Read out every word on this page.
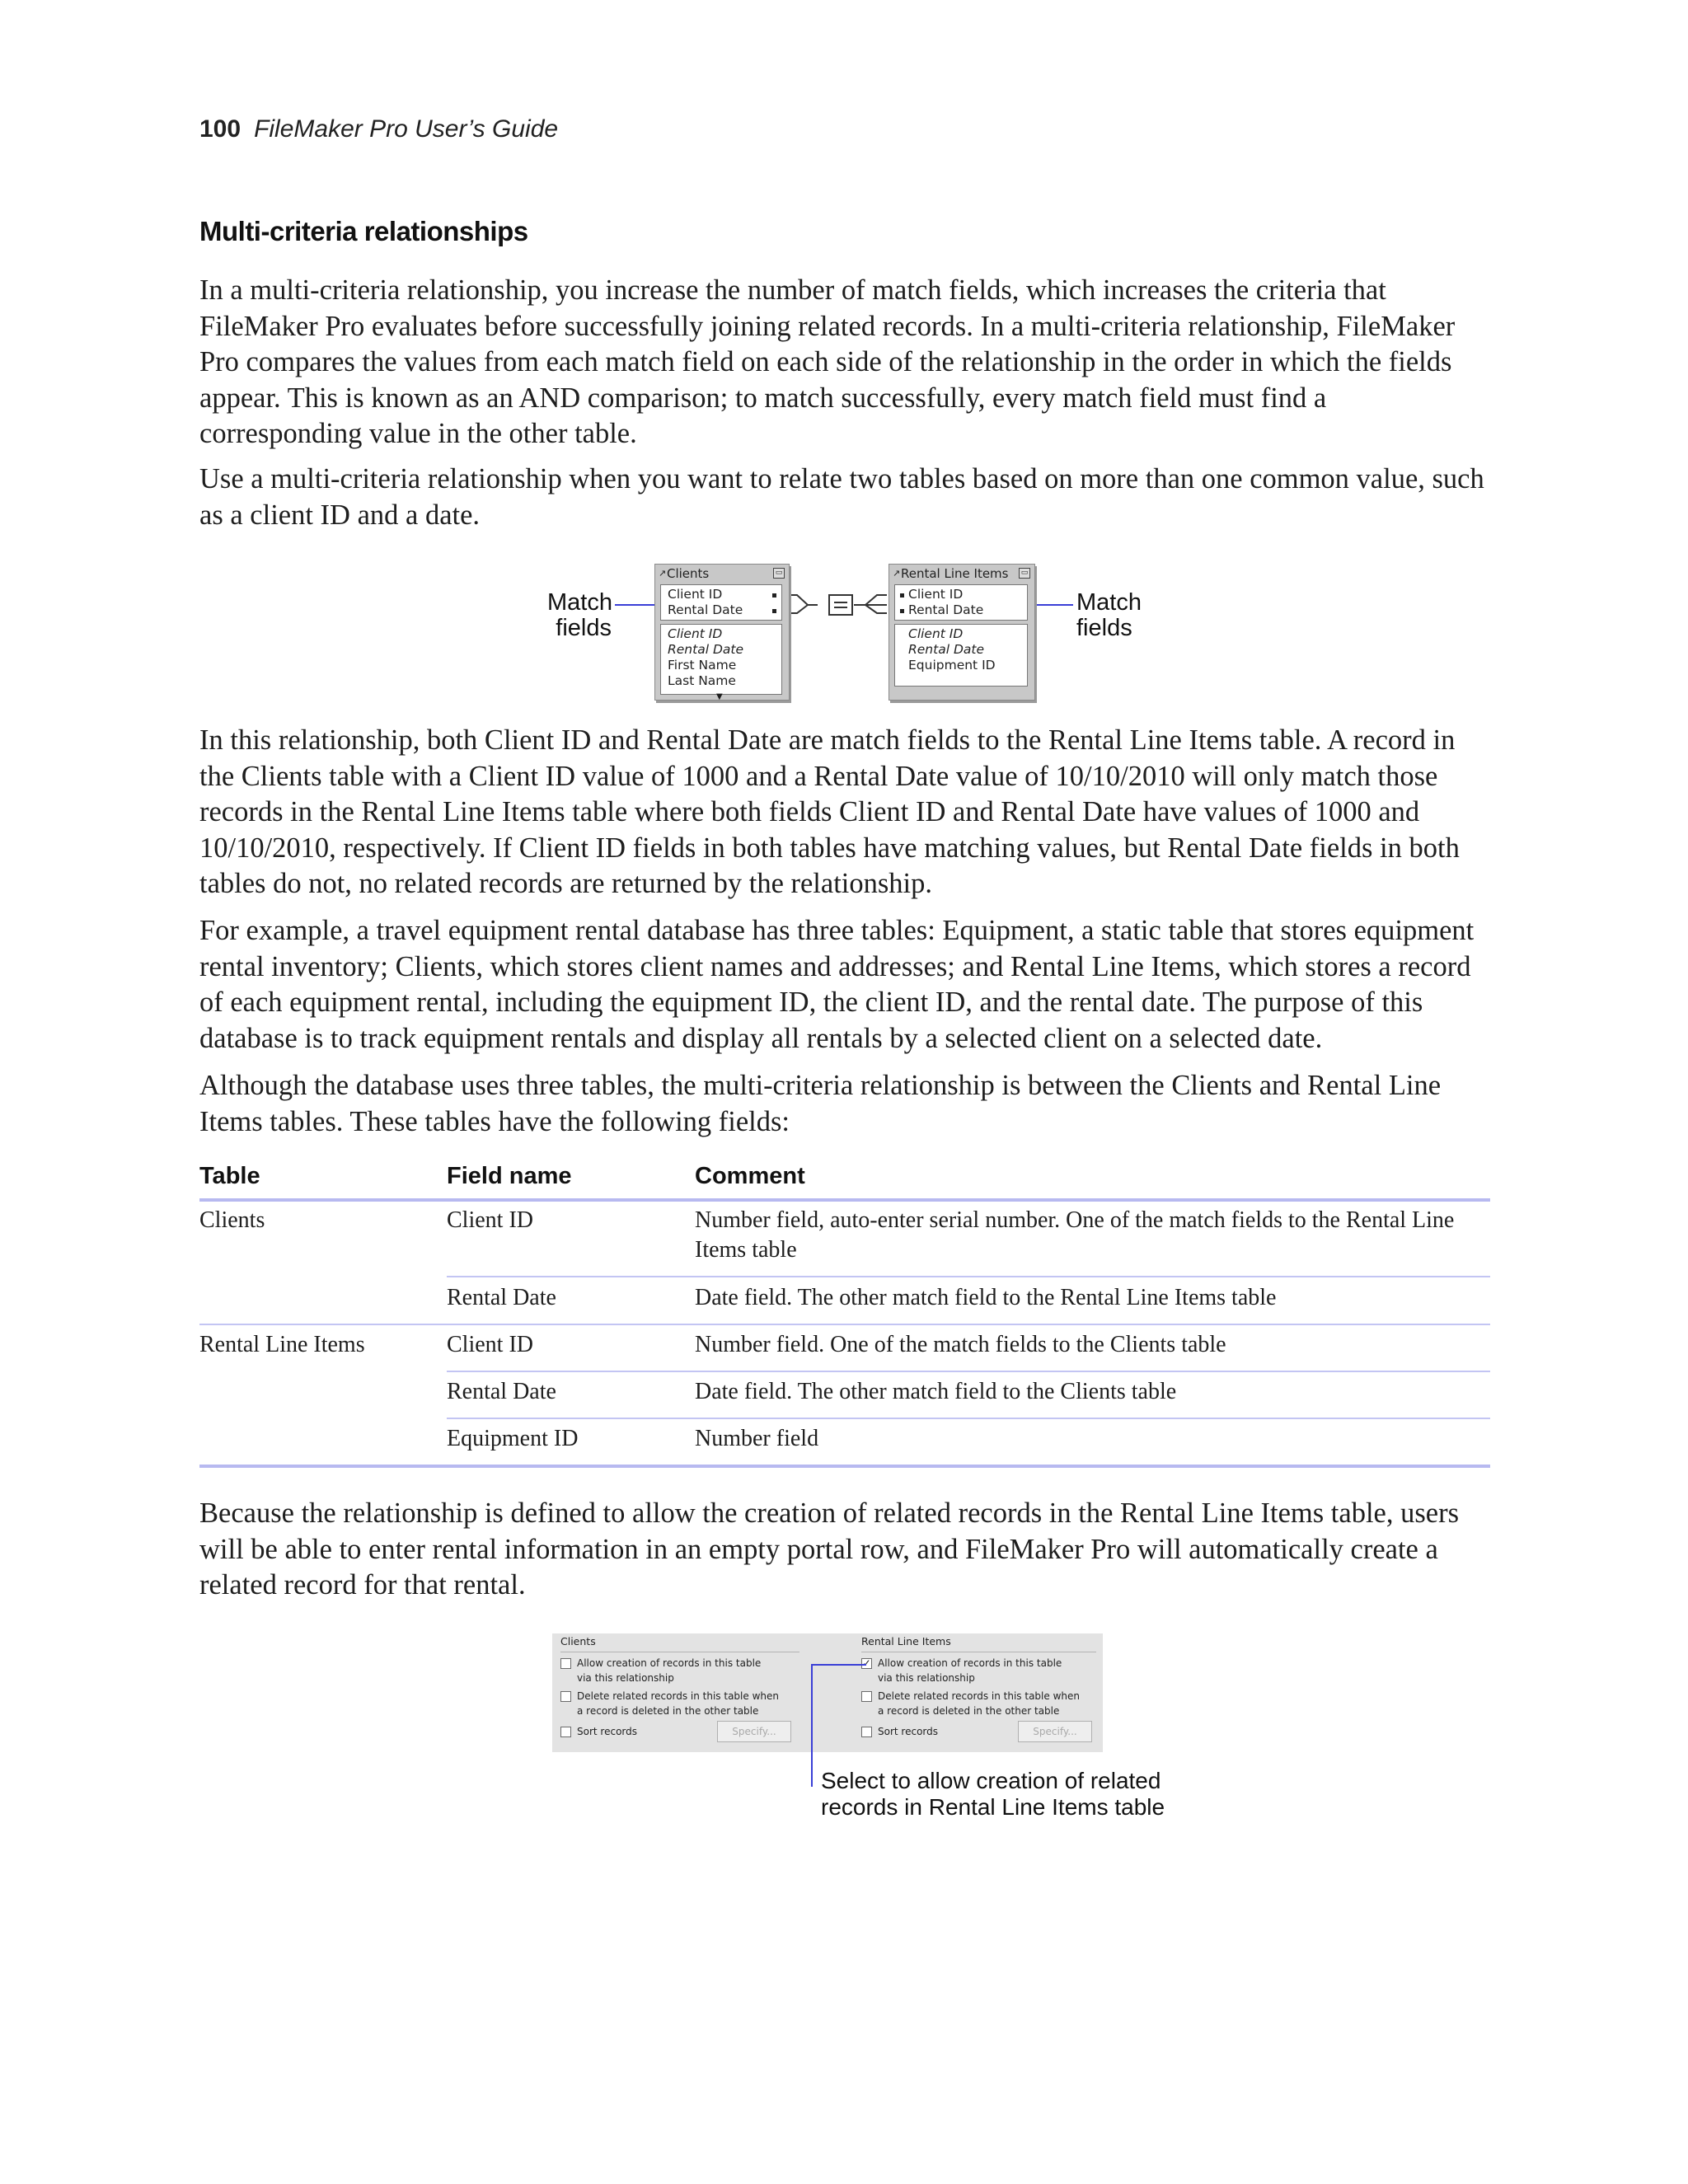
100 FileMaker Pro User’s Guide
Multi-criteria relationships

In a multi-criteria relationship, you increase the number of match fields, which increases the criteria that FileMaker Pro evaluates before successfully joining related records. In a multi-criteria relationship, FileMaker Pro compares the values from each match field on each side of the relationship in the order in which the fields appear. This is known as an AND comparison; to match successfully, every match field must find a corresponding value in the other table.

Use a multi-criteria relationship when you want to relate two tables based on more than one common value, such as a client ID and a date.

Match
fields
Match
fields
↗ Clients	▭
Client ID
Rental Date
Client ID
Rental Date
First Name
Last Name
▼
↗ Rental Line Items	▭
Client ID
Rental Date
Client ID
Rental Date
Equipment ID

In this relationship, both Client ID and Rental Date are match fields to the Rental Line Items table. A record in the Clients table with a Client ID value of 1000 and a Rental Date value of 10/10/2010 will only match those records in the Rental Line Items table where both fields Client ID and Rental Date have values of 1000 and 10/10/2010, respectively. If Client ID fields in both tables have matching values, but Rental Date fields in both tables do not, no related records are returned by the relationship.

For example, a travel equipment rental database has three tables: Equipment, a static table that stores equipment rental inventory; Clients, which stores client names and addresses; and Rental Line Items, which stores a record of each equipment rental, including the equipment ID, the client ID, and the rental date. The purpose of this database is to track equipment rentals and display all rentals by a selected client on a selected date.

Although the database uses three tables, the multi-criteria relationship is between the Clients and Rental Line Items tables. These tables have the following fields:

Table	Field name	Comment
Clients	Client ID	Number field, auto-enter serial number. One of the match fields to the Rental Line Items table
Rental Date	Date field. The other match field to the Rental Line Items table
Rental Line Items	Client ID	Number field. One of the match fields to the Clients table
Rental Date	Date field. The other match field to the Clients table
Equipment ID	Number field

Because the relationship is defined to allow the creation of related records in the Rental Line Items table, users will be able to enter rental information in an empty portal row, and FileMaker Pro will automatically create a related record for that rental.

Clients
Allow creation of records in this table
via this relationship
Delete related records in this table when
a record is deleted in the other table
Sort records	Specify...
Rental Line Items
✓ Allow creation of records in this table
via this relationship
Delete related records in this table when
a record is deleted in the other table
Sort records	Specify...
Select to allow creation of related
records in Rental Line Items table
